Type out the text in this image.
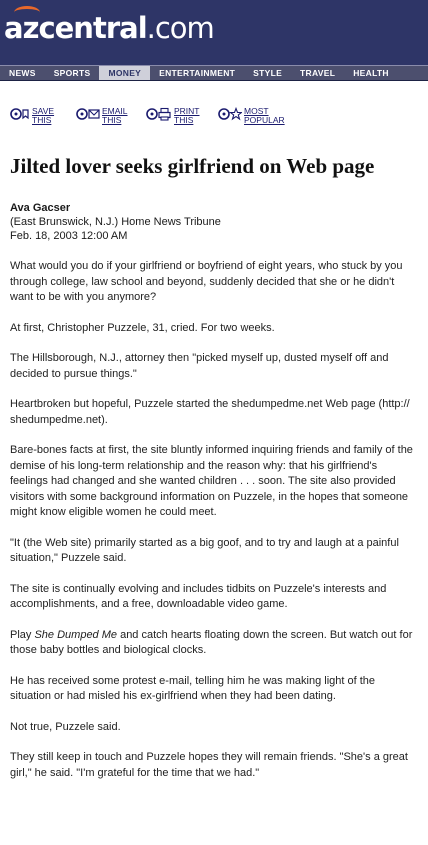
azcentral.com
NEWS	SPORTS	MONEY	ENTERTAINMENT	STYLE	TRAVEL	HEALTH
SAVE
THIS
EMAIL
THIS
PRINT
THIS
MOST
POPULAR
Jilted lover seeks girlfriend on Web page
Ava Gacser
(East Brunswick, N.J.) Home News Tribune
Feb. 18, 2003 12:00 AM

What would you do if your girlfriend or boyfriend of eight years, who stuck by you through college, law school and beyond, suddenly decided that she or he didn't want to be with you anymore?

At first, Christopher Puzzele, 31, cried. For two weeks.

The Hillsborough, N.J., attorney then "picked myself up, dusted myself off and decided to pursue things."

Heartbroken but hopeful, Puzzele started the shedumpedme.net Web page (http:// shedumpedme.net).

Bare-bones facts at first, the site bluntly informed inquiring friends and family of the demise of his long-term relationship and the reason why: that his girlfriend's feelings had changed and she wanted children . . . soon. The site also provided visitors with some background information on Puzzele, in the hopes that someone might know eligible women he could meet.

"It (the Web site) primarily started as a big goof, and to try and laugh at a painful situation," Puzzele said.

The site is continually evolving and includes tidbits on Puzzele's interests and accomplishments, and a free, downloadable video game.

Play She Dumped Me and catch hearts floating down the screen. But watch out for those baby bottles and biological clocks.

He has received some protest e-mail, telling him he was making light of the situation or had misled his ex-girlfriend when they had been dating.

Not true, Puzzele said.

They still keep in touch and Puzzele hopes they will remain friends. "She's a great girl," he said. "I'm grateful for the time that we had."
